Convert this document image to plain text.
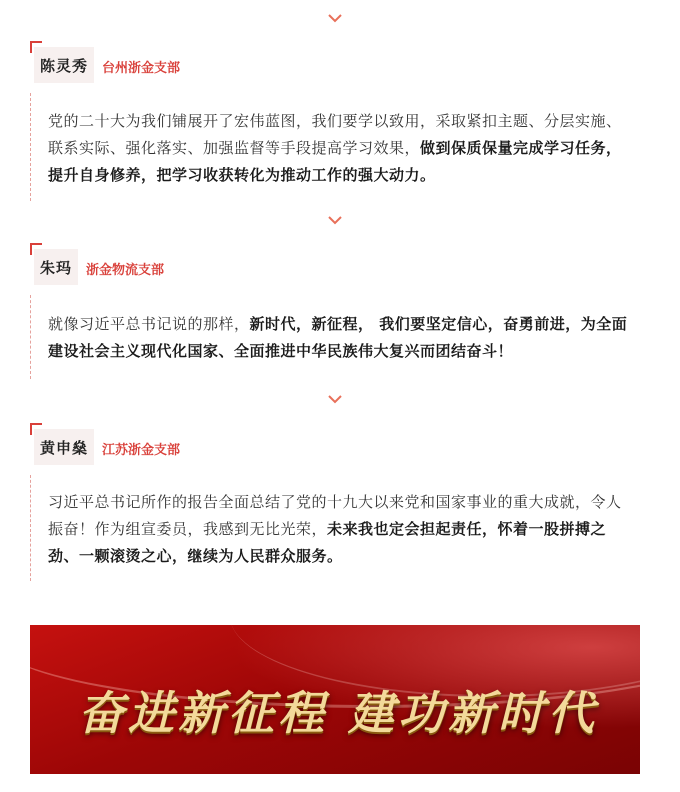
陈灵秀 台州浙金支部
党的二十大为我们铺展开了宏伟蓝图，我们要学以致用，采取紧扣主题、分层实施、联系实际、强化落实、加强监督等手段提高学习效果，做到保质保量完成学习任务，提升自身修养，把学习收获转化为推动工作的强大动力。
朱玛 浙金物流支部
就像习近平总书记说的那样，新时代，新征程， 我们要坚定信心，奋勇前进，为全面建设社会主义现代化国家、全面推进中华民族伟大复兴而团结奋斗！
黄申燊 江苏浙金支部
习近平总书记所作的报告全面总结了党的十九大以来党和国家事业的重大成就，令人振奋！作为组宣委员，我感到无比光荣，未来我也定会担起责任，怀着一股拼搏之劲、一颗滚烫之心，继续为人民群众服务。
奋进新征程 建功新时代
